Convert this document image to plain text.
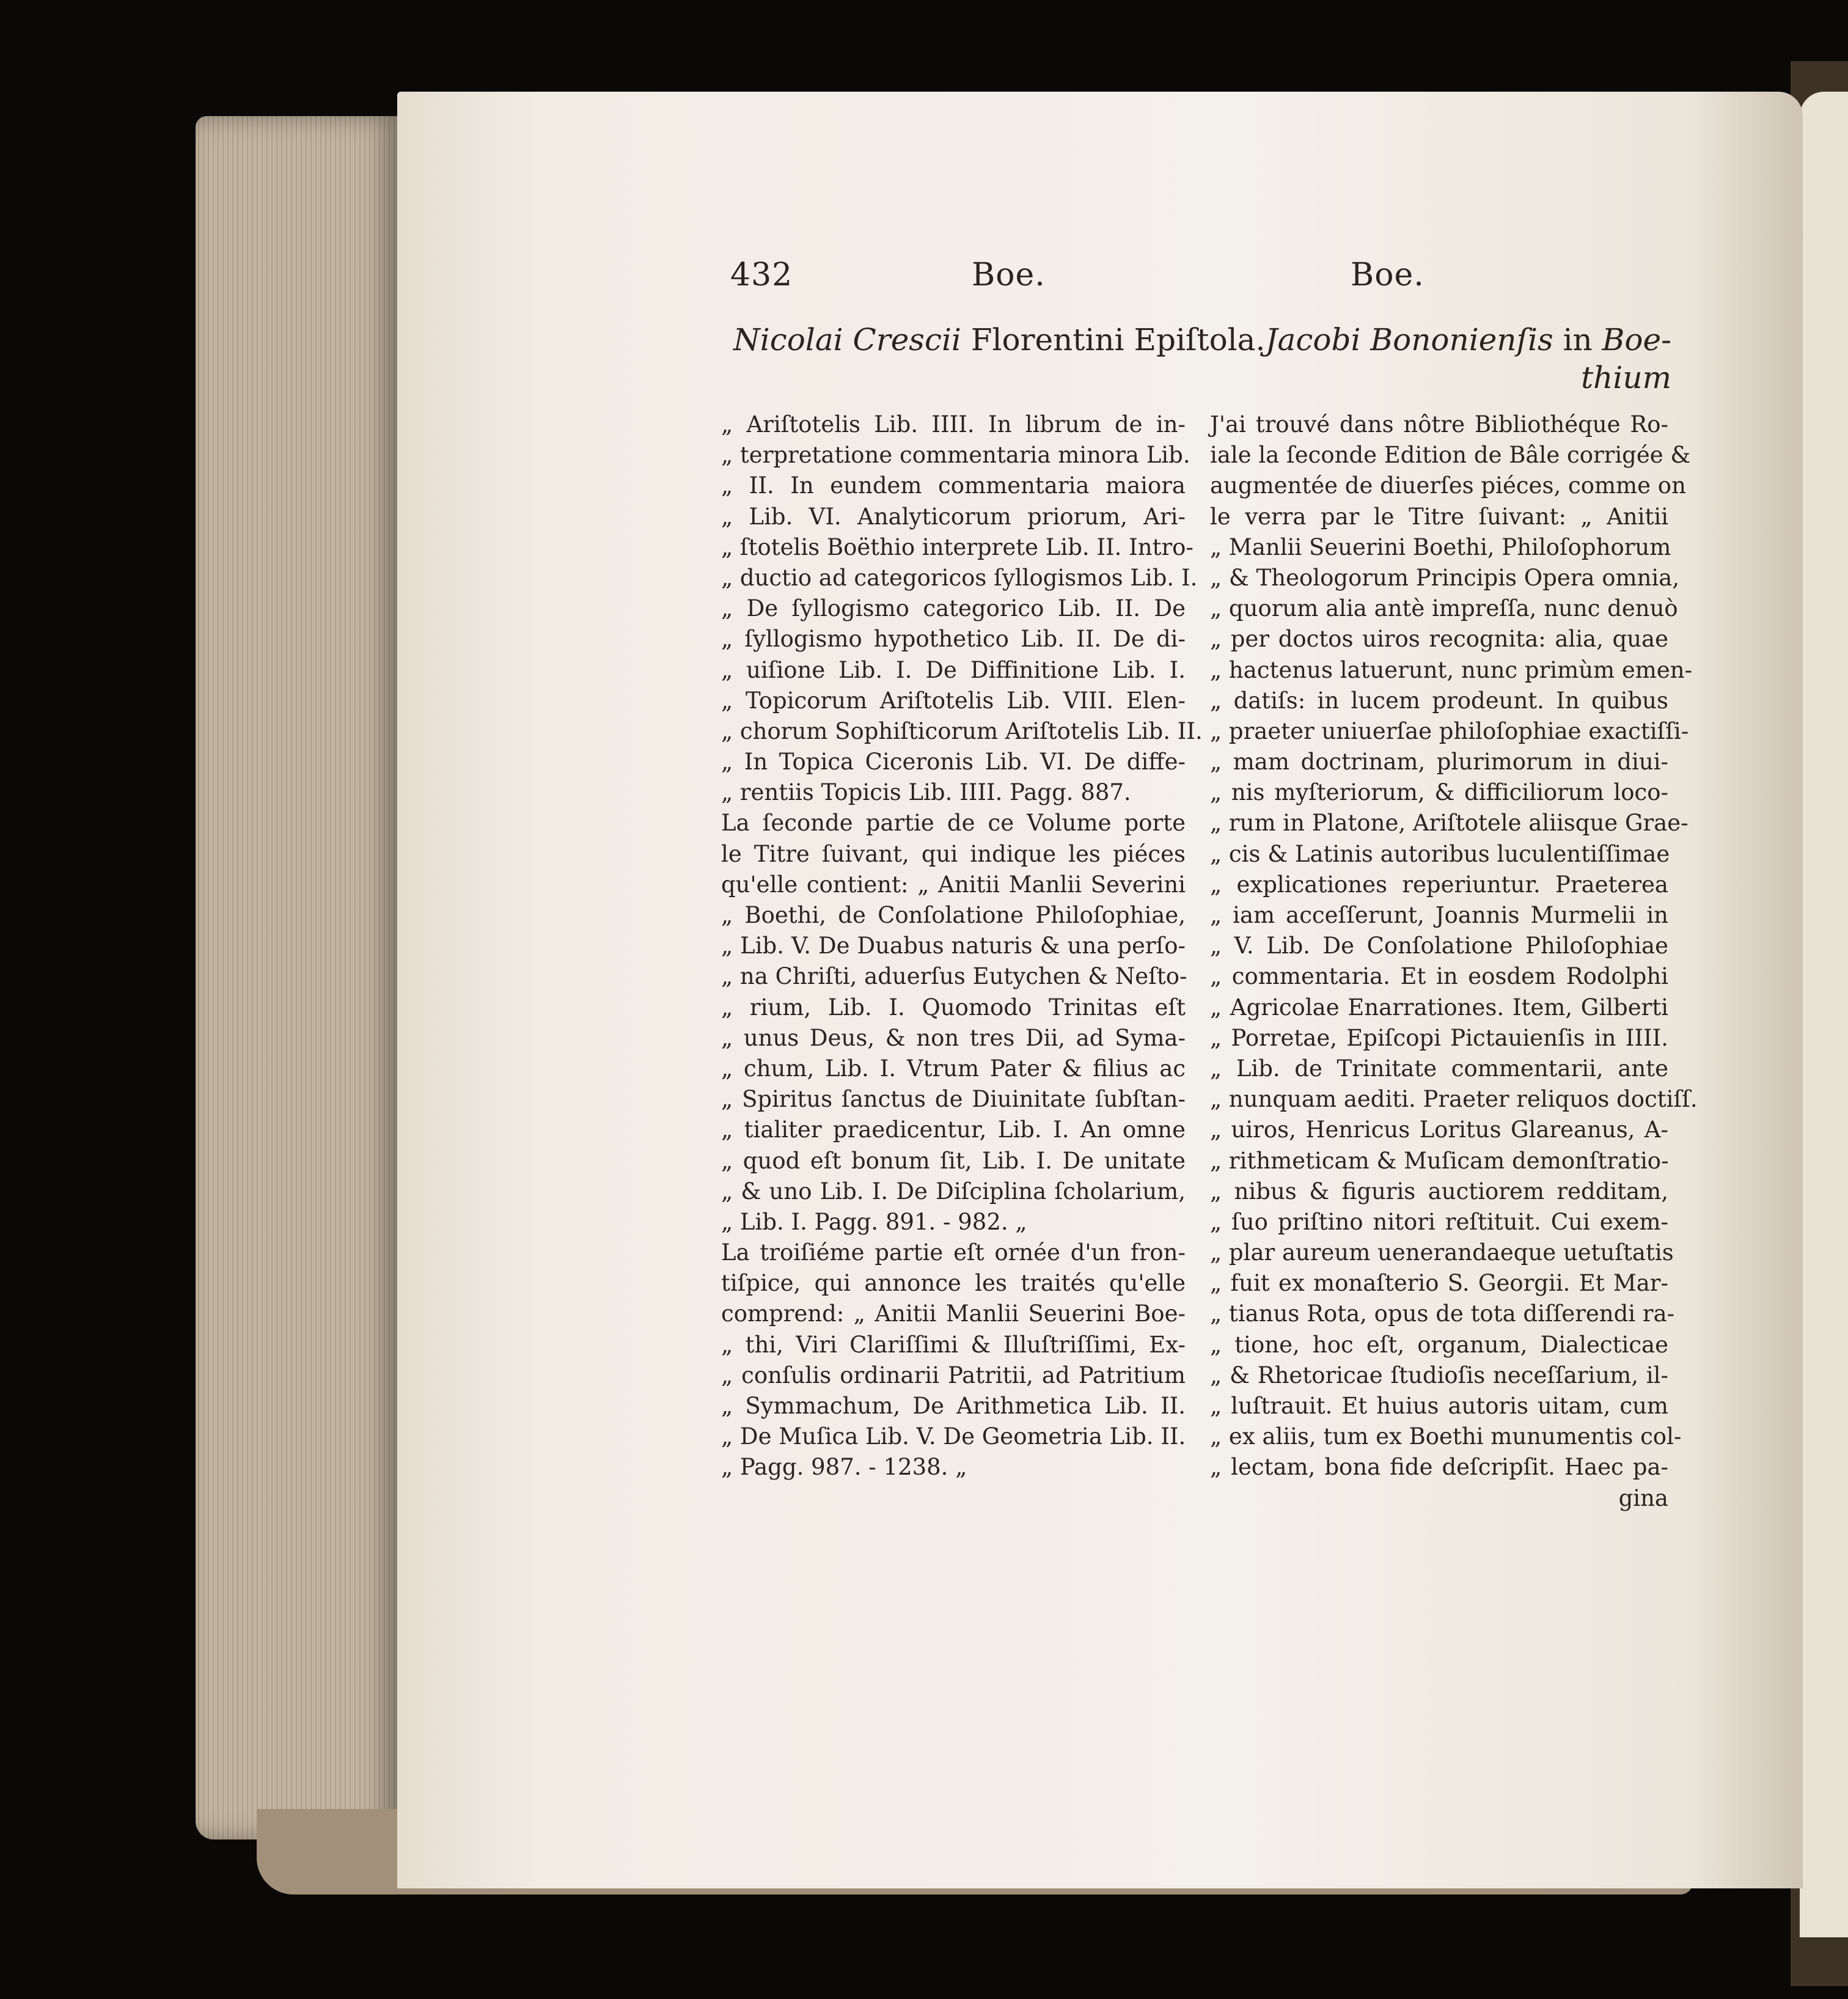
432	Boe.	Boe.
Nicolai Crescii Florentini Epiſtola. Jacobi Bononienſis in Boe-
thium
„ Ariſtotelis Lib. IIII. In librum de in-
„ terpretatione commentaria minora Lib.
„ II. In eundem commentaria maiora
„ Lib. VI. Analyticorum priorum, Ari-
„ ſtotelis Boëthio interprete Lib. II. Intro-
„ ductio ad categoricos ſyllogismos Lib. I.
„ De ſyllogismo categorico Lib. II. De
„ ſyllogismo hypothetico Lib. II. De di-
„ uiſione Lib. I. De Diffinitione Lib. I.
„ Topicorum Ariſtotelis Lib. VIII. Elen-
„ chorum Sophiſticorum Ariſtotelis Lib. II.
„ In Topica Ciceronis Lib. VI. De diffe-
„ rentiis Topicis Lib. IIII. Pagg. 887.
La ſeconde partie de ce Volume porte
le Titre ſuivant, qui indique les piéces
qu'elle contient: „ Anitii Manlii Severini
„ Boethi, de Conſolatione Philoſophiae,
„ Lib. V. De Duabus naturis & una perſo-
„ na Chriſti, aduerſus Eutychen & Neſto-
„ rium, Lib. I. Quomodo Trinitas eſt
„ unus Deus, & non tres Dii, ad Syma-
„ chum, Lib. I. Vtrum Pater & filius ac
„ Spiritus ſanctus de Diuinitate ſubſtan-
„ tialiter praedicentur, Lib. I. An omne
„ quod eſt bonum ſit, Lib. I. De unitate
„ & uno Lib. I. De Diſciplina ſcholarium,
„ Lib. I. Pagg. 891. - 982. „
La troiſiéme partie eſt ornée d'un fron-
tiſpice, qui annonce les traités qu'elle
comprend: „ Anitii Manlii Seuerini Boe-
„ thi, Viri Clariſſimi & Illuſtriſſimi, Ex-
„ conſulis ordinarii Patritii, ad Patritium
„ Symmachum, De Arithmetica Lib. II.
„ De Muſica Lib. V. De Geometria Lib. II.
„ Pagg. 987. - 1238. „
J'ai trouvé dans nôtre Bibliothéque Ro-
iale la ſeconde Edition de Bâle corrigée &
augmentée de diuerſes piéces, comme on
le verra par le Titre ſuivant: „ Anitii
„ Manlii Seuerini Boethi, Philoſophorum
„ & Theologorum Principis Opera omnia,
„ quorum alia antè impreſſa, nunc denuò
„ per doctos uiros recognita: alia, quae
„ hactenus latuerunt, nunc primùm emen-
„ datiſs: in lucem prodeunt. In quibus
„ praeter uniuerſae philoſophiae exactiſſi-
„ mam doctrinam, plurimorum in diui-
„ nis myſteriorum, & difficiliorum loco-
„ rum in Platone, Ariſtotele aliisque Grae-
„ cis & Latinis autoribus luculentiſſimae
„ explicationes reperiuntur. Praeterea
„ iam acceſſerunt, Joannis Murmelii in
„ V. Lib. De Conſolatione Philoſophiae
„ commentaria. Et in eosdem Rodolphi
„ Agricolae Enarrationes. Item, Gilberti
„ Porretae, Epiſcopi Pictauienſis in IIII.
„ Lib. de Trinitate commentarii, ante
„ nunquam aediti. Praeter reliquos doctiſſ.
„ uiros, Henricus Loritus Glareanus, A-
„ rithmeticam & Muſicam demonſtratio-
„ nibus & figuris auctiorem redditam,
„ ſuo priſtino nitori reſtituit. Cui exem-
„ plar aureum uenerandaeque uetuſtatis
„ fuit ex monaſterio S. Georgii. Et Mar-
„ tianus Rota, opus de tota diſſerendi ra-
„ tione, hoc eſt, organum, Dialecticae
„ & Rhetoricae ſtudioſis neceſſarium, il-
„ luſtrauit. Et huius autoris uitam, cum
„ ex aliis, tum ex Boethi munumentis col-
„ lectam, bona fide deſcripſit. Haec pa-
gina
